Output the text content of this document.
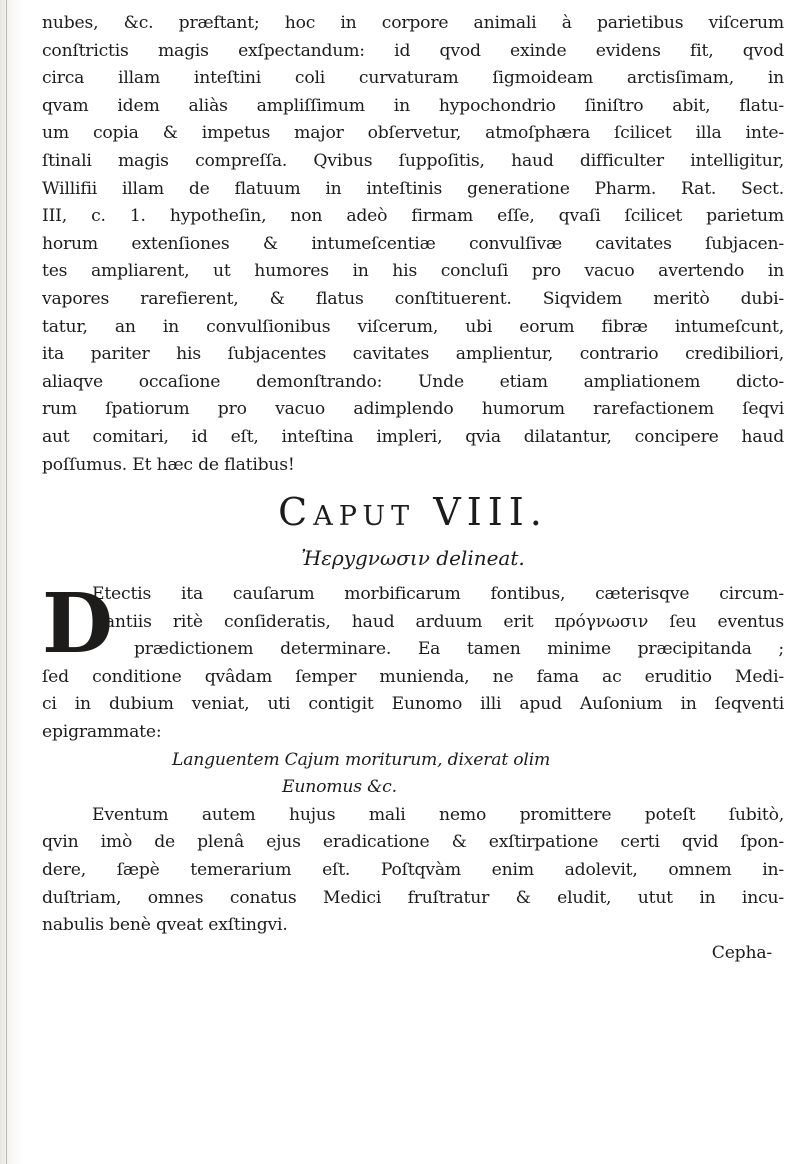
nubes, &c. præftant; hoc in corpore animali à parietibus viſcerum
conſtrictis magis exſpectandum: id qvod exinde evidens fit, qvod
circa illam inteſtini coli curvaturam ſigmoideam arctisſimam, in
qvam idem aliàs ampliſſimum in hypochondrio ſiniſtro abit, flatu-
um copia & impetus major obſervetur, atmoſphæra ſcilicet illa inte-
ſtinali magis compreſſa. Qvibus ſuppoſitis, haud difficulter intelligitur,
Willifii illam de flatuum in inteſtinis generatione Pharm. Rat. Sect.
III, c. 1. hypotheſin, non adeò firmam eſſe, qvaſi ſcilicet parietum
horum extenſiones & intumeſcentiæ convulſivæ cavitates ſubjacen-
tes ampliarent, ut humores in his concluſi pro vacuo avertendo in
vapores rarefierent, & flatus conſtituerent. Siqvidem meritò dubi-
tatur, an in convulſionibus viſcerum, ubi eorum fibræ intumeſcunt,
ita pariter his ſubjacentes cavitates amplientur, contrario credibiliori,
aliaqve occaſione demonſtrando: Unde etiam ampliationem dicto-
rum ſpatiorum pro vacuo adimplendo humorum rarefactionem ſeqvi
aut comitari, id eſt, inteſtina impleri, qvia dilatantur, concipere haud
poſſumus. Et hæc de flatibus!
Caput VIII.
Ἠερygνωσιν delineat.
D
Etectis ita cauſarum morbificarum fontibus, cæterisqve circum-
ſtantiis ritè conſideratis, haud arduum erit πρόγνωσιν ſeu eventus
prædictionem determinare. Ea tamen minime præcipitanda ;
ſed conditione qvâdam ſemper munienda, ne fama ac eruditio Medi-
ci in dubium veniat, uti contigit Eunomo illi apud Auſonium in ſeqventi
epigrammate:
Languentem Cajum moriturum, dixerat olim
Eunomus &c.
Eventum autem hujus mali nemo promittere poteſt ſubitò,
qvin imò de plenâ ejus eradicatione & exſtirpatione certi qvid ſpon-
dere, ſæpè temerarium eſt. Poſtqvàm enim adolevit, omnem in-
duſtriam, omnes conatus Medici fruſtratur & eludit, utut in incu-
nabulis benè qveat exſtingvi.
Cepha-
